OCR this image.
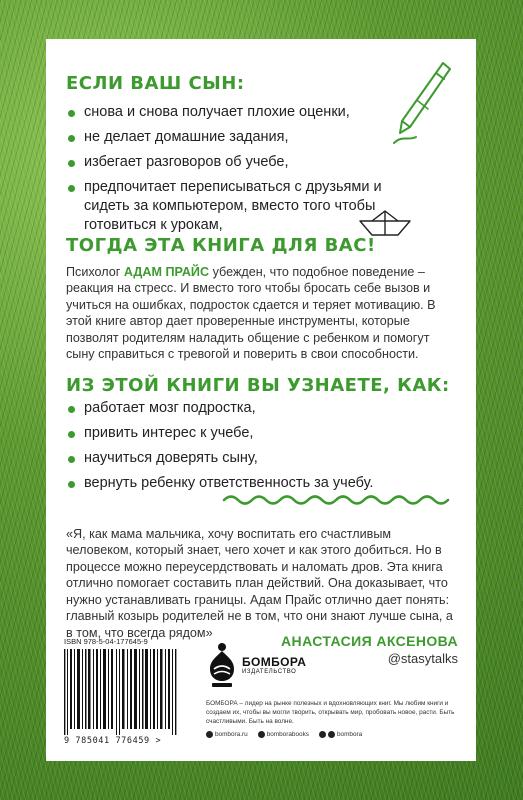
ЕСЛИ ВАШ СЫН:
снова и снова получает плохие оценки,
не делает домашние задания,
избегает разговоров об учебе,
предпочитает переписываться с друзьями и сидеть за компьютером, вместо того чтобы готовиться к урокам,
ТОГДА ЭТА КНИГА ДЛЯ ВАС!

Психолог АДАМ ПРАЙС убежден, что подобное поведение – реакция на стресс. И вместо того чтобы бросать себе вызов и учиться на ошибках, подросток сдается и теряет мотивацию. В этой книге автор дает проверенные инструменты, которые позволят родителям наладить общение с ребенком и помогут сыну справиться с тревогой и поверить в свои способности.

ИЗ ЭТОЙ КНИГИ ВЫ УЗНАЕТЕ, КАК:
работает мозг подростка,
привить интерес к учебе,
научиться доверять сыну,
вернуть ребенку ответственность за учебу.

«Я, как мама мальчика, хочу воспитать его счастливым человеком, который знает, чего хочет и как этого добиться. Но в процессе можно переусердствовать и наломать дров. Эта книга отлично помогает составить план действий. Она доказывает, что нужно устанавливать границы. Адам Прайс отлично дает понять: главный козырь родителей не в том, что они знают лучше сына, а в том, что всегда рядом»

АНАСТАСИЯ АКСЕНОВА
@stasytalks
ISBN 978-5-04-177645-9
9 785041 776459 >
БОМБОРА
ИЗДАТЕЛЬСТВО
БОМБОРА – лидер на рынке полезных и вдохновляющих книг. Мы любим книги и создаем их, чтобы вы могли творить, открывать мир, пробовать новое, расти. Быть счастливыми. Быть на волне.
bombora.ru	bomborabooks	bombora
